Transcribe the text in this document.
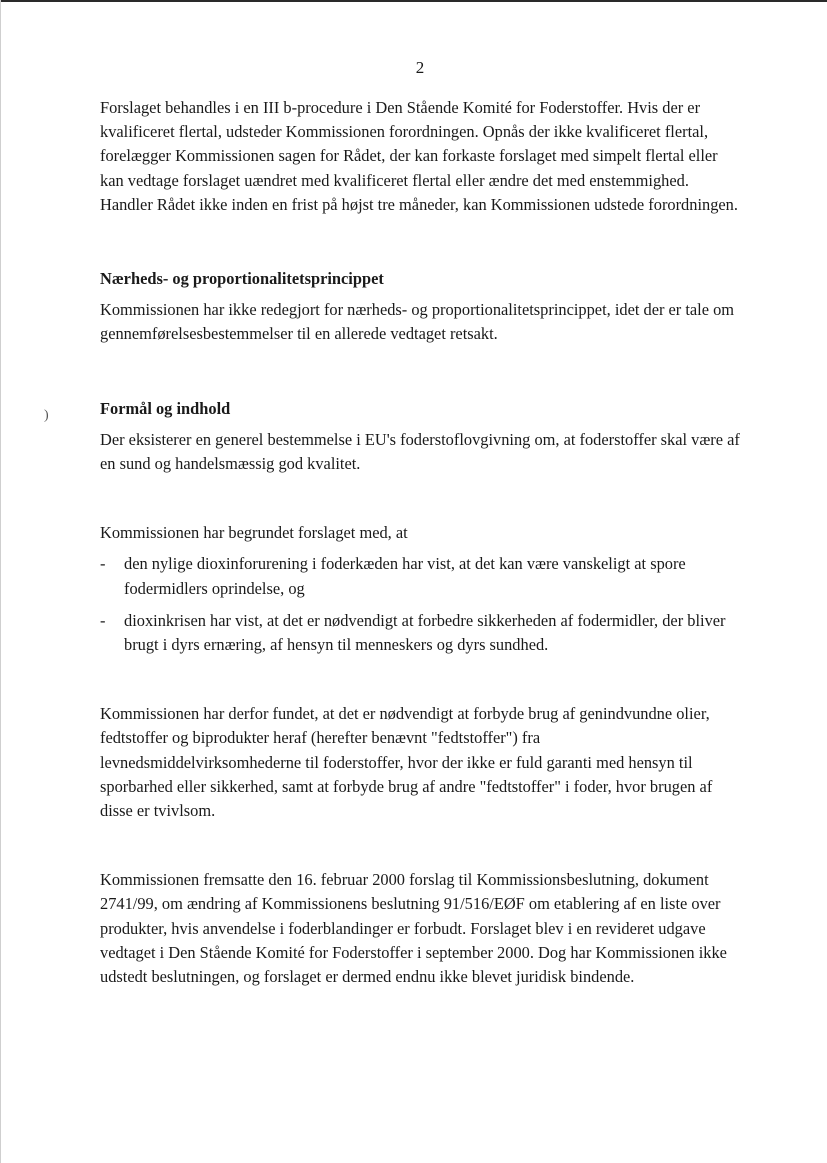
)
2

Forslaget behandles i en III b-procedure i Den Stående Komité for Foderstoffer. Hvis der er kvalificeret flertal, udsteder Kommissionen forordningen. Opnås der ikke kvalificeret flertal, forelægger Kommissionen sagen for Rådet, der kan forkaste forslaget med simpelt flertal eller kan vedtage forslaget uændret med kvalificeret flertal eller ændre det med enstemmighed. Handler Rådet ikke inden en frist på højst tre måneder, kan Kommissionen udstede forordningen.

Nærheds- og proportionalitetsprincippet

Kommissionen har ikke redegjort for nærheds- og proportionalitetsprincippet, idet der er tale om gennemførelsesbestemmelser til en allerede vedtaget retsakt.

Formål og indhold

Der eksisterer en generel bestemmelse i EU's foderstoflovgivning om, at foderstoffer skal være af en sund og handelsmæssig god kvalitet.

Kommissionen har begrundet forslaget med, at

- den nylige dioxinforurening i foderkæden har vist, at det kan være vanskeligt at spore fodermidlers oprindelse, og
- dioxinkrisen har vist, at det er nødvendigt at forbedre sikkerheden af fodermidler, der bliver brugt i dyrs ernæring, af hensyn til menneskers og dyrs sundhed.

Kommissionen har derfor fundet, at det er nødvendigt at forbyde brug af genindvundne olier, fedtstoffer og biprodukter heraf (herefter benævnt "fedtstoffer") fra levnedsmiddelvirksomhederne til foderstoffer, hvor der ikke er fuld garanti med hensyn til sporbarhed eller sikkerhed, samt at forbyde brug af andre "fedtstoffer" i foder, hvor brugen af disse er tvivlsom.

Kommissionen fremsatte den 16. februar 2000 forslag til Kommissionsbeslutning, dokument 2741/99, om ændring af Kommissionens beslutning 91/516/EØF om etablering af en liste over produkter, hvis anvendelse i foderblandinger er forbudt. Forslaget blev i en revideret udgave vedtaget i Den Stående Komité for Foderstoffer i september 2000. Dog har Kommissionen ikke udstedt beslutningen, og forslaget er dermed endnu ikke blevet juridisk bindende.
